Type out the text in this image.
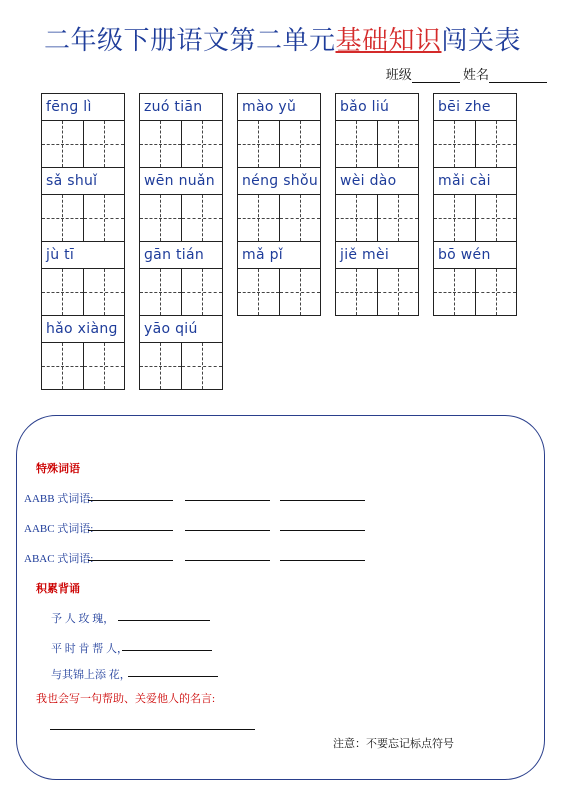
二年级下册语文第二单元基础知识闯关表
班级	姓名
fēnɡ lì
sǎ shuǐ
jù tī
hǎo xiànɡ
zuó tiān
wēn nuǎn
ɡān tián
yāo qiú
mào yǔ
nénɡ shǒu
mǎ pǐ
bǎo liú
wèi dào
jiě mèi
bēi zhe
mǎi cài
bō wén
特殊词语
AABB 式词语:
AABC 式词语:
ABAC 式词语:
积累背诵
予 人 玫 瑰，
平 时 肯 帮 人，
与其锦上添 花，
我也会写一句帮助、关爱他人的名言:
注意：不要忘记标点符号
